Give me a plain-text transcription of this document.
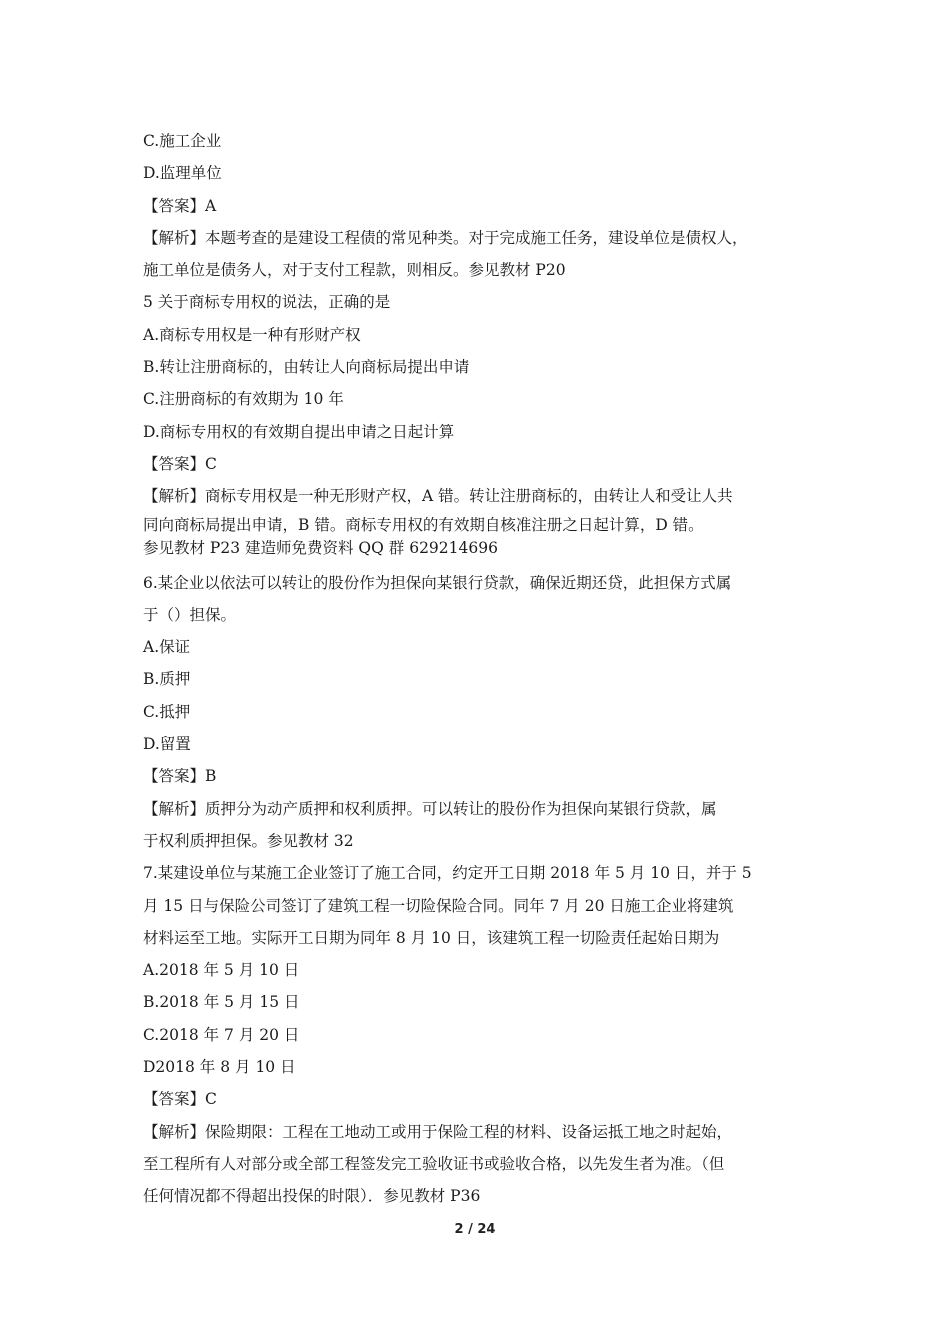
C.施工企业
D.监理单位
【答案】A
【解析】本题考查的是建设工程债的常见种类。对于完成施工任务，建设单位是债权人，
施工单位是债务人，对于支付工程款，则相反。参见教材 P20
5 关于商标专用权的说法，正确的是
A.商标专用权是一种有形财产权
B.转让注册商标的，由转让人向商标局提出申请
C.注册商标的有效期为 10 年
D.商标专用权的有效期自提出申请之日起计算
【答案】C
【解析】商标专用权是一种无形财产权，A 错。转让注册商标的，由转让人和受让人共
同向商标局提出申请，B 错。商标专用权的有效期自核准注册之日起计算，D 错。
参见教材 P23 建造师免费资料 QQ 群 629214696
6.某企业以依法可以转让的股份作为担保向某银行贷款，确保近期还贷，此担保方式属
于（）担保。
A.保证
B.质押
C.抵押
D.留置
【答案】B
【解析】质押分为动产质押和权利质押。可以转让的股份作为担保向某银行贷款，属
于权利质押担保。参见教材 32
7.某建设单位与某施工企业签订了施工合同，约定开工日期 2018 年 5 月 10 日，并于 5
月 15 日与保险公司签订了建筑工程一切险保险合同。同年 7 月 20 日施工企业将建筑
材料运至工地。实际开工日期为同年 8 月 10 日，该建筑工程一切险责任起始日期为
A.2018 年 5 月 10 日
B.2018 年 5 月 15 日
C.2018 年 7 月 20 日
D2018 年 8 月 10 日
【答案】C
【解析】保险期限：工程在工地动工或用于保险工程的材料、设备运抵工地之时起始，
至工程所有人对部分或全部工程签发完工验收证书或验收合格，以先发生者为准。（但
任何情况都不得超出投保的时限）．参见教材 P36
2 / 24
